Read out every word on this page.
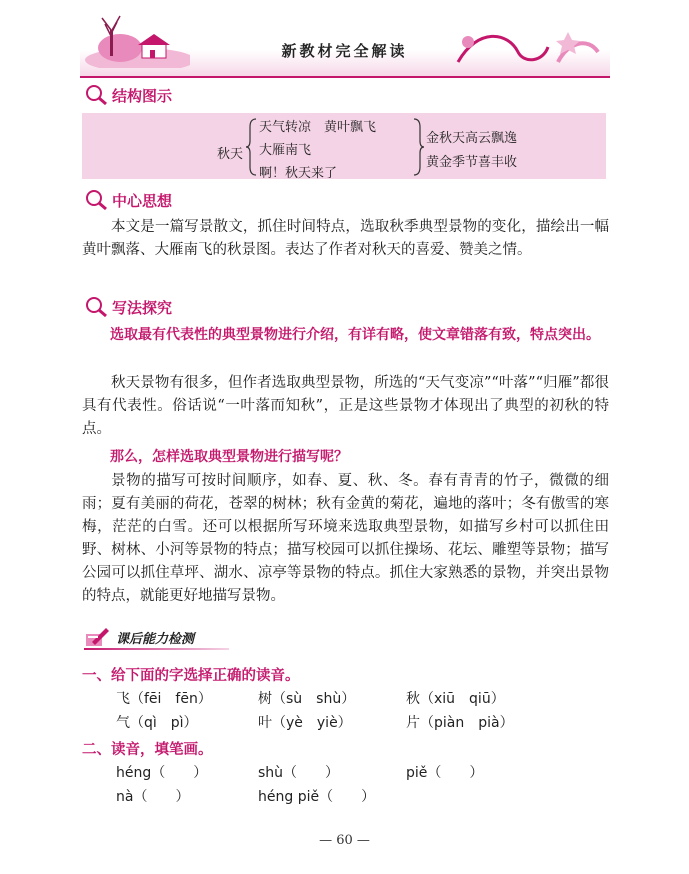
新教材完全解读
结构图示
秋天
天气转凉　黄叶飘飞
大雁南飞
啊！秋天来了
金秋天高云飘逸
黄金季节喜丰收
中心思想
本文是一篇写景散文，抓住时间特点，选取秋季典型景物的变化，描绘出一幅黄叶飘落、大雁南飞的秋景图。表达了作者对秋天的喜爱、赞美之情。
写法探究
选取最有代表性的典型景物进行介绍，有详有略，使文章错落有致，特点突出。
秋天景物有很多，但作者选取典型景物，所选的“天气变凉”“叶落”“归雁”都很具有代表性。俗话说“一叶落而知秋”，正是这些景物才体现出了典型的初秋的特点。
那么，怎样选取典型景物进行描写呢？
景物的描写可按时间顺序，如春、夏、秋、冬。春有青青的竹子，微微的细雨；夏有美丽的荷花，苍翠的树林；秋有金黄的菊花，遍地的落叶；冬有傲雪的寒梅，茫茫的白雪。还可以根据所写环境来选取典型景物，如描写乡村可以抓住田野、树林、小河等景物的特点；描写校园可以抓住操场、花坛、雕塑等景物；描写公园可以抓住草坪、湖水、凉亭等景物的特点。抓住大家熟悉的景物，并突出景物的特点，就能更好地描写景物。
课后能力检测
一、给下面的字选择正确的读音。
飞（fēi　fēn）	树（sù　shù）	秋（xiū　qiū）
气（qì　pì）	叶（yè　yiè）	片（piàn　pià）
二、读音，填笔画。
héng（　　）	shù（　　）	piě（　　）
nà（　　）	héng piě（　　）
— 60 —
